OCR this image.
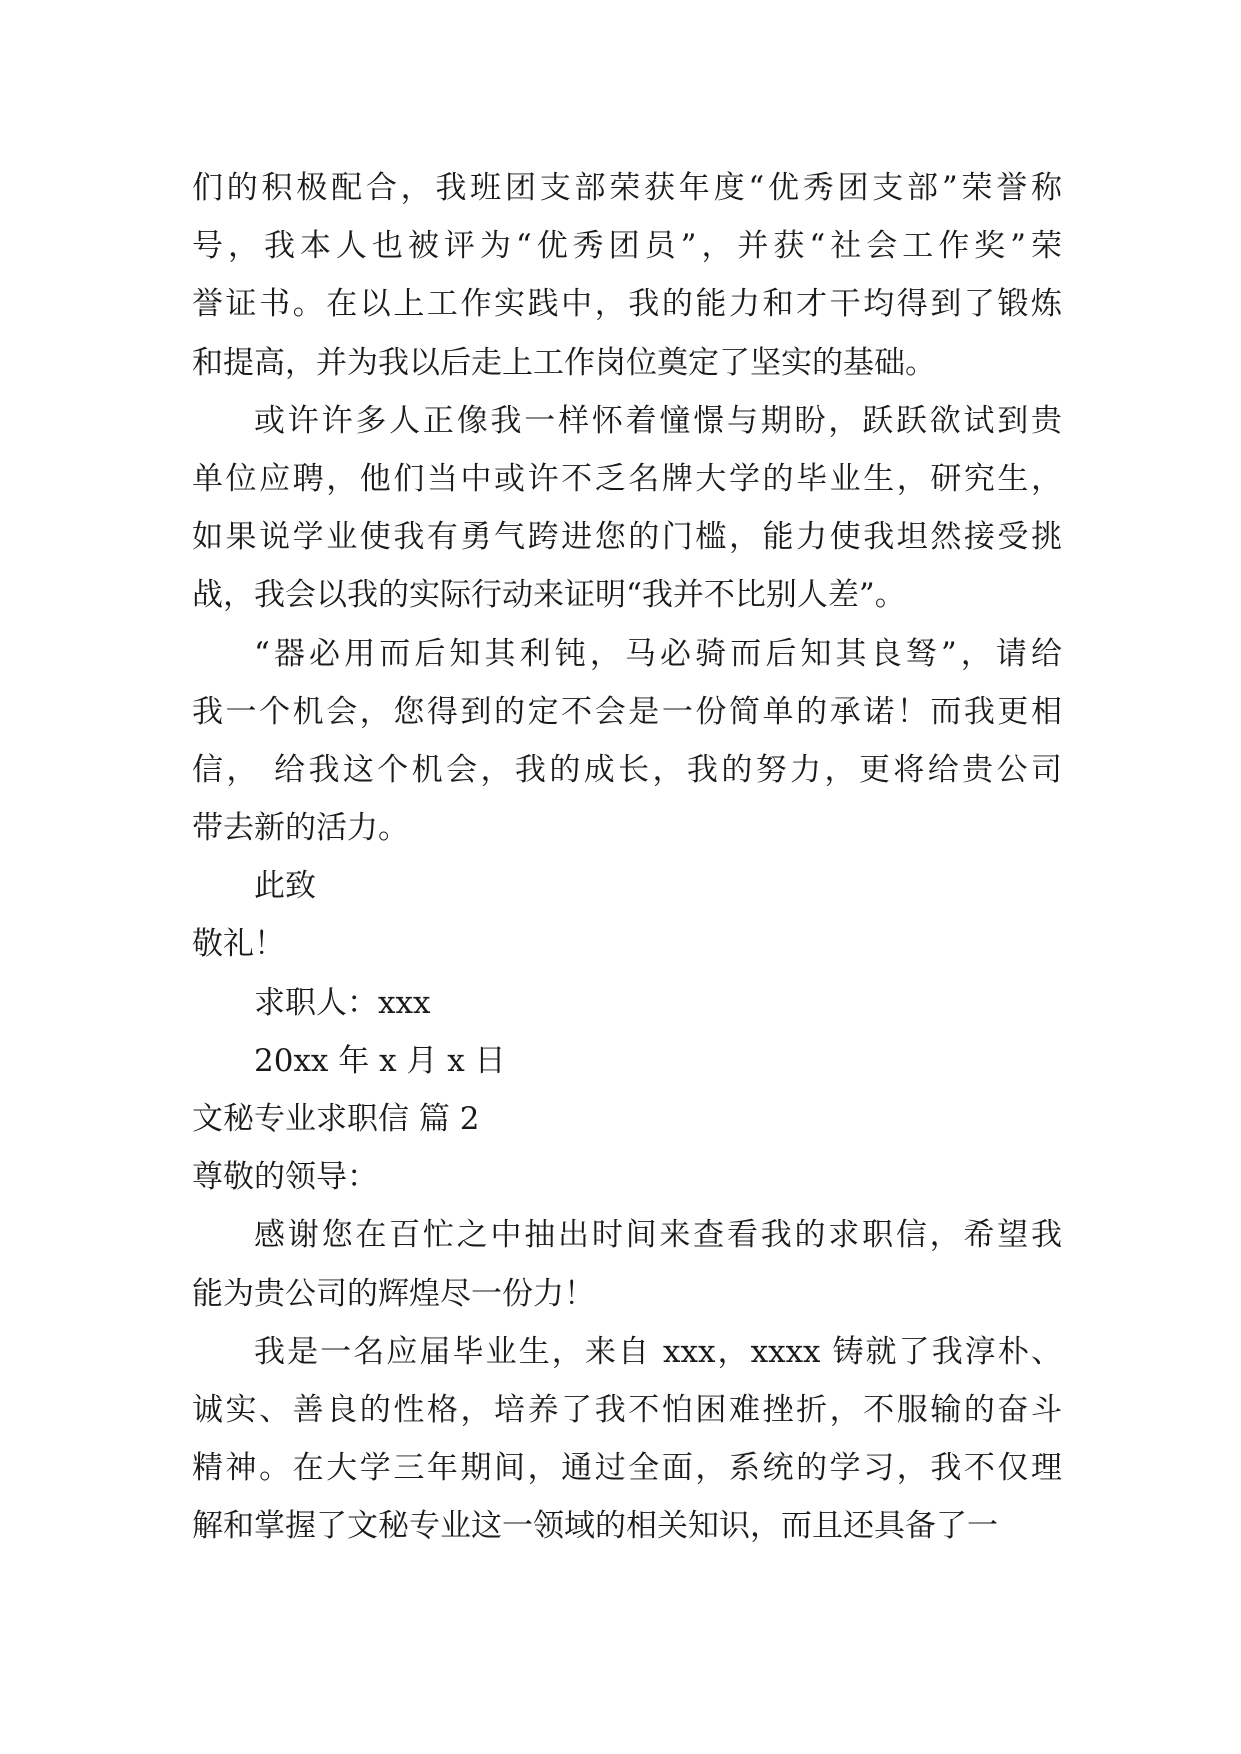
们的积极配合，我班团支部荣获年度“优秀团支部”荣誉称
号，我本人也被评为“优秀团员”，并获“社会工作奖”荣
誉证书。在以上工作实践中，我的能力和才干均得到了锻炼
和提高，并为我以后走上工作岗位奠定了坚实的基础。
或许许多人正像我一样怀着憧憬与期盼，跃跃欲试到贵
单位应聘，他们当中或许不乏名牌大学的毕业生，研究生，
如果说学业使我有勇气跨进您的门槛，能力使我坦然接受挑
战，我会以我的实际行动来证明“我并不比别人差”。
“器必用而后知其利钝，马必骑而后知其良驽”，请给
我一个机会，您得到的定不会是一份简单的承诺！而我更相
信， 给我这个机会，我的成长，我的努力，更将给贵公司
带去新的活力。
此致
敬礼！
求职人：xxx
20xx 年 x 月 x 日
文秘专业求职信 篇 2
尊敬的领导：
感谢您在百忙之中抽出时间来查看我的求职信，希望我
能为贵公司的辉煌尽一份力！
我是一名应届毕业生，来自 xxx，xxxx 铸就了我淳朴、
诚实、善良的性格，培养了我不怕困难挫折，不服输的奋斗
精神。在大学三年期间，通过全面，系统的学习，我不仅理
解和掌握了文秘专业这一领域的相关知识，而且还具备了一
